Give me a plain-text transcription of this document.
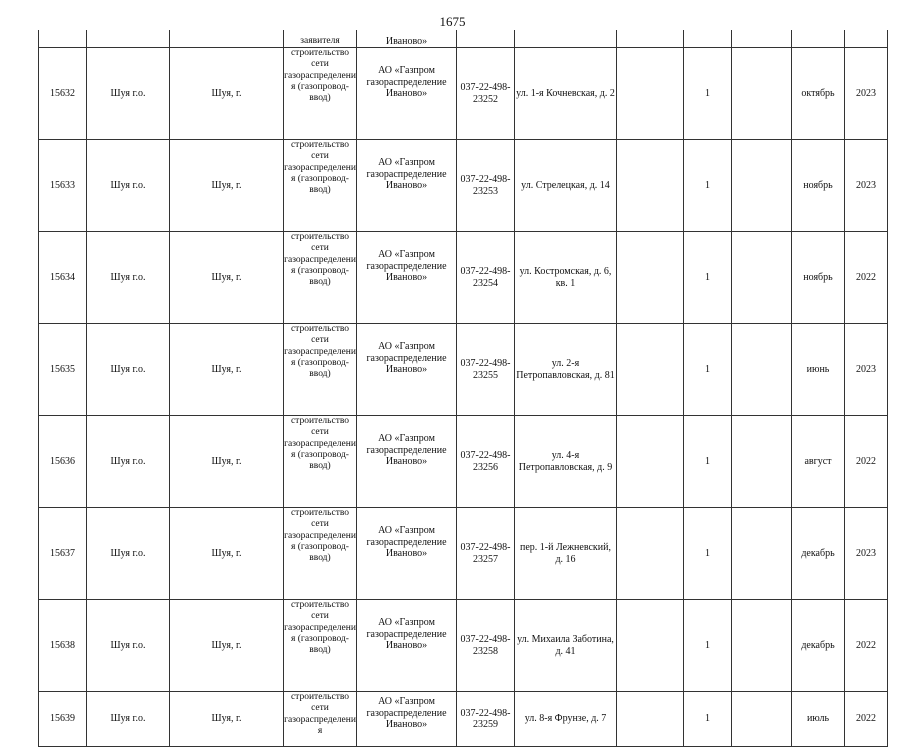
1675
			заявителя	Иваново»							
15632	Шуя г.о.	Шуя, г.	строительство сети газораспределения (газопровод-ввод)	АО «Газпром газораспределение Иваново»	037-22-498-23252	ул. 1-я Кочневская, д. 2		1		октябрь	2023
15633	Шуя г.о.	Шуя, г.	строительство сети газораспределения (газопровод-ввод)	АО «Газпром газораспределение Иваново»	037-22-498-23253	ул. Стрелецкая, д. 14		1		ноябрь	2023
15634	Шуя г.о.	Шуя, г.	строительство сети газораспределения (газопровод-ввод)	АО «Газпром газораспределение Иваново»	037-22-498-23254	ул. Костромская, д. 6, кв. 1		1		ноябрь	2022
15635	Шуя г.о.	Шуя, г.	строительство сети газораспределения (газопровод-ввод)	АО «Газпром газораспределение Иваново»	037-22-498-23255	ул. 2-я Петропавловская, д. 81		1		июнь	2023
15636	Шуя г.о.	Шуя, г.	строительство сети газораспределения (газопровод-ввод)	АО «Газпром газораспределение Иваново»	037-22-498-23256	ул. 4-я Петропавловская, д. 9		1		август	2022
15637	Шуя г.о.	Шуя, г.	строительство сети газораспределения (газопровод-ввод)	АО «Газпром газораспределение Иваново»	037-22-498-23257	пер. 1-й Лежневский, д. 16		1		декабрь	2023
15638	Шуя г.о.	Шуя, г.	строительство сети газораспределения (газопровод-ввод)	АО «Газпром газораспределение Иваново»	037-22-498-23258	ул. Михаила Заботина, д. 41		1		декабрь	2022
15639	Шуя г.о.	Шуя, г.	строительство сети газораспределения	АО «Газпром газораспределение Иваново»	037-22-498-23259	ул. 8-я Фрунзе, д. 7		1		июль	2022
